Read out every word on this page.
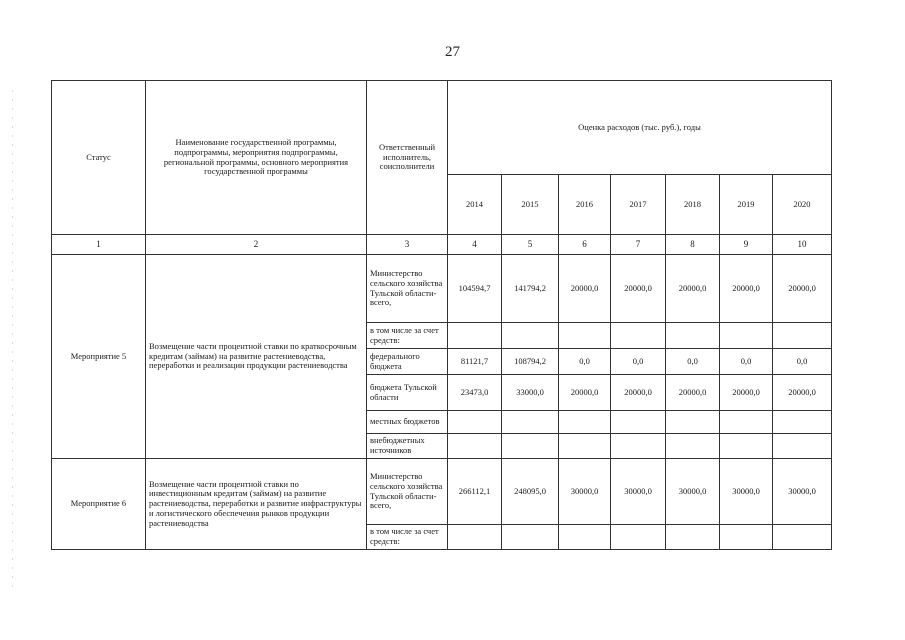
27
Статус	Наименование государственной программы, подпрограммы, мероприятия подпрограммы, региональной программы, основного мероприятия государственной программы	Ответственный исполнитель, соисполнители	Оценка расходов (тыс. руб.), годы						
			2014	2015	2016	2017	2018	2019	2020
1	2	3	4	5	6	7	8	9	10
Мероприятие 5	Возмещение части процентной ставки по краткосрочным кредитам (займам) на развитие растениеводства, переработки и реализации продукции растениеводства	Министерство сельского хозяйства Тульской области- всего,	104594,7	141794,2	20000,0	20000,0	20000,0	20000,0	20000,0
		в том числе за счет средств:							
		федерального бюджета	81121,7	108794,2	0,0	0,0	0,0	0,0	0,0
		бюджета Тульской области	23473,0	33000,0	20000,0	20000,0	20000,0	20000,0	20000,0
		местных бюджетов							
		внебюджетных источников							
Мероприятие 6	Возмещение части процентной ставки по инвестиционным кредитам (займам) на развитие растениеводства, переработки и развитие инфраструктуры и логистического обеспечения рынков продукции растениеводства	Министерство сельского хозяйства Тульской области- всего,	266112,1	248095,0	30000,0	30000,0	30000,0	30000,0	30000,0
		в том числе за счет средств:							
